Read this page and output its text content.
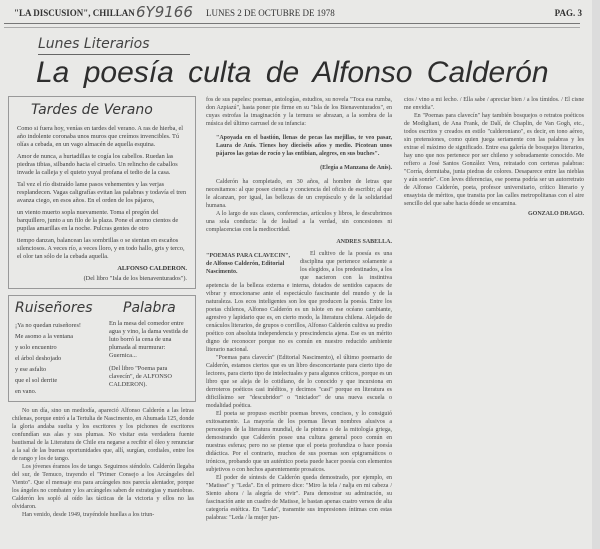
"LA DISCUSION", CHILLAN 6Y9166 LUNES 2 DE OCTUBRE DE 1978	PAG. 3
Lunes Literarios
La poesía culta de Alfonso Calderón
Tardes de Verano
Como si fuera hoy, venías en tardes del verano. A ras de hierba, el año indolente coronaba unos muros que creímos invencibles. Tú olías a cebada, en un vago almacén de aquella esquina.
Amor de nunca, a hurtadillas te cogía los cabellos. Ruedan las piedras tibias, silbando hacia el ciruelo. Un relincho de caballos invade la calleja y el quieto yuyal profana el tedio de la casa.
Tal vez el río distraído lame pasos vehementes y las verjas resplandecen. Vagas caligrafías evitan las palabras y todavía el tren avanza ciego, en esos años. En el orden de los pájaros,
un viento muerto sopla nuevamente. Toma el pregón del barquillero, junto a un filo de la plaza. Pone el aromo cientos de pupilas amarillas en la noche. Pulcras gentes de otro
tiempo danzan, balancean las sombrillas o se sientan en escaños silenciosos. A veces río, a veces lloro, y en todo hallo, gris y terco, el olor tan sólo de la cebada aquella.
ALFONSO CALDERON.
(Del libro "Isla de los bienaventurados").
Ruiseñores
¡Ya no quedan ruiseñores!
Me asomo a la ventana
y solo encuentro
el árbol deshojado
y ese asfalto
que el sol derrite
en vano.
Palabra
En la mesa del comedor entre agua y vino, la dama vestida de luto borró la cena de una plumada al murmurar: Guernica...
(Del libro "Poema para clavecín", de ALFONSO CALDERON).

No un día, sino un mediodía, apareció Alfonso Calderón a las letras chilenas, porque entró a la Tertulia de Nascimento, en Ahumada 125, donde la gloria andaba suelta y los escritores y los pichones de escritores confundían sus alas y sus plumas. No visitar esta verdadera fuente bautismal de la Literatura de Chile era negarse a recibir el óleo y renunciar a la sal de las buenas oportunidades que, allí, surgían, cordiales, entre los de rango y los de tango.

Los jóvenes éramos los de tango. Seguimos siéndolo. Calderón llegaba del sur, de Temuco, trayendo el "Primer Consejo a los Arcángeles del Viento". Que el mensaje era para arcángeles nos parecía alentador, porque los ángeles no combaten y los arcángeles saben de estrategias y maniobras. Calderón les sopló al oído las tácticas de la victoria y ellos no las olvidaron.

Han venido, desde 1949, trayéndole huellas a los triun-

fos de sus papeles: poemas, antologías, estudios, su novela "Toca esa rumba, don Azpiazú", hasta poner pie firme en su "Isla de los Bienaventurados", en cuyas estrofas la imaginación y la ternura se abrazan, a la sombra de la música del último carrusel de su infancia:

"Apoyada en el bastión, llenas de pecas las mejillas, te veo pasar, Laura de Anís. Tienes hoy dieciséis años y medio. Picotean unos pájaros las gotas de rocío y las entibian, alegres, en sus buches".
(Elegía a Manzana de Anís).

Calderón ha completado, en 30 años, al hombre de letras que necesitamos: al que posee ciencia y conciencia del oficio de escribir; al que le alcanzan, por igual, las bellezas de un crepúsculo y de la solidaridad humana.

A lo largo de sus clases, conferencias, artículos y libros, le descubrimos una sola conducta: la de lealtad a la verdad, sin concesiones ni complacencias con la mediocridad.

ANDRES SABELLA.
"POEMAS PARA CLAVECIN", de Alfonso Calderón, Editorial Nascimento.

El cultivo de la poesía es una disciplina que pertenece solamente a los elegidos, a los predestinados, a los que nacieron con la instintiva apetencia de la belleza externa e interna, dotados de sentidos capaces de vibrar y emocionarse ante el espectáculo fascinante del mundo y de la naturaleza. Los ecos inteligentes son los que producen la poesía. Entre los poetas chilenos, Alfonso Calderón es un islote en ese océano cambiante, agresivo y lapidario que es, en cierto modo, la literatura chilena. Alejado de cenáculos literarios, de grupos o corrillos, Alfonso Calderón cultiva su predio poético con absoluta independencia y prescindencia ajena. Ese es un mérito digno de reconocer porque no es común en nuestro reducido ambiente literario nacional.

"Poemas para clavecín" (Editorial Nascimento), el último poemario de Calderón, estamos ciertos que es un libro desconcertante para cierto tipo de lectores, para cierto tipo de intelectuales y para algunos críticos, porque es un libro que se aleja de lo cotidiano, de lo conocido y que incursiona en derroteros poéticos casi inéditos, y decimos "casi" porque en literatura es dificilísimo ser "descubridor" o "iniciador" de una nueva escuela o modalidad poética.

El poeta se propuso escribir poemas breves, concisos, y lo consiguió exitosamente. La mayoría de los poemas llevan nombres alusivos a personajes de la literatura mundial, de la pintura o de la mitología griega, demostrando que Calderón posee una cultura general poco común en nuestras esferas; pero no se piense que el poeta profundiza o hace poesía didáctica. Por el contrario, muchos de sus poemas son epigramáticos o irónicos, probando que un auténtico poeta puede hacer poesía con elementos subjetivos o con hechos aparentemente prosaicos.

El poder de síntesis de Calderón queda demostrado, por ejemplo, en "Matisse" y "Leda". En el primero dice: "Miro la tela / nalja en mi cabeza / Siento ahora / la alegría de vivir". Para demostrar su admiración, su fascinación ante un cuadro de Matisse, le bastan apenas cuatro versos de alta categoría estética. En "Leda", transmite sus impresiones íntimas con estas palabras: "Leda / la mujer jun-

cios / vino a mi lecho. / Ella sabe / apreciar bien / a los tímidos. / El cisne me envidia".

En "Poemas para clavecín" hay también bosquejos o retratos poéticos de Modigliani, de Ana Frank, de Dalí, de Chaplin, de Van Gogh, etc., todos escritos y creados en estilo "calderoniano", es decir, en tono aéreo, sin pretensiones, como quien juega seriamente con las palabras y les extrae el máximo de significado. Entre esa galería de bosquejos literarios, hay uno que nos pertenece por ser chileno y sobradamente conocido. Me refiero a José Santos González Vera, retratado con certeras palabras: "Corría, dormitaba, junta piedras de colores. Desaparece entre las nieblas y aún sonríe". Con leves diferencias, ese poema podría ser un autorretrato de Alfonso Calderón, poeta, profesor universitario, crítico literario y ensayista de méritos, que transita por las calles metropolitanas con el aire sencillo del que sabe hacia dónde se encamina.

GONZALO DRAGO.
